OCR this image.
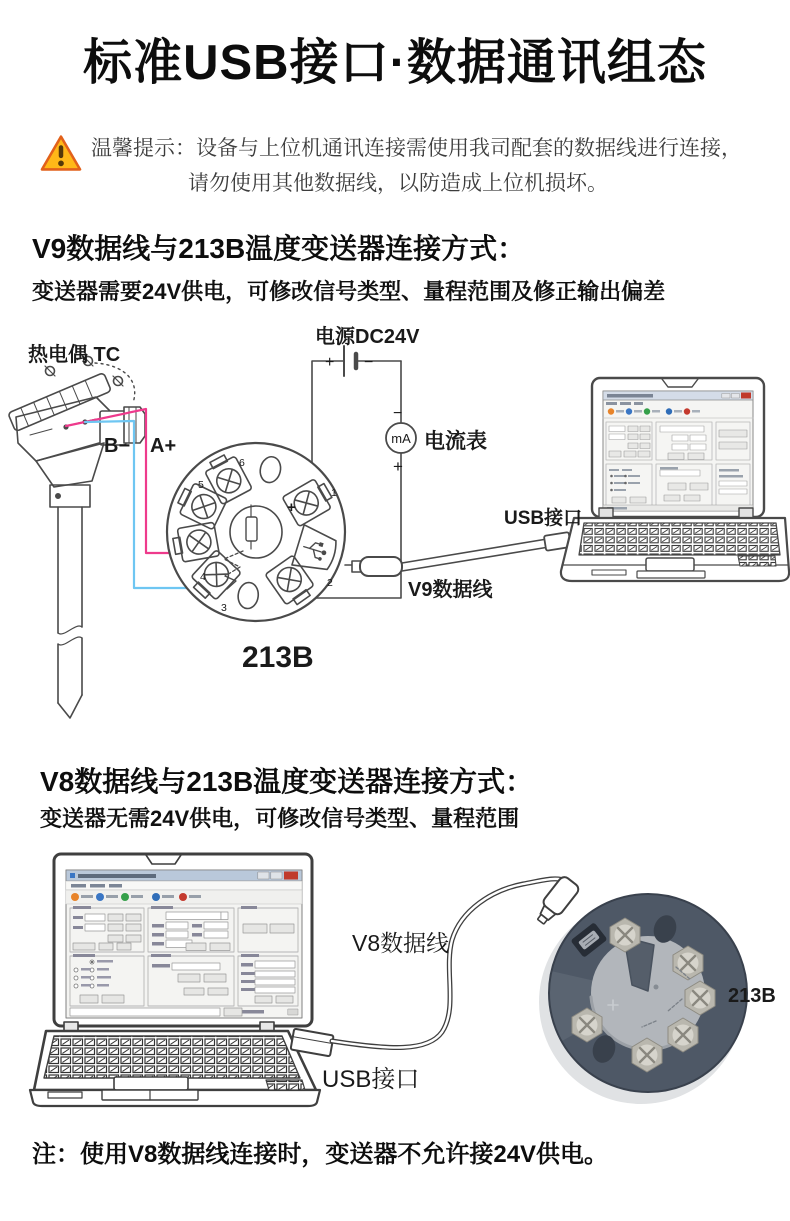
标准USB接口·数据通讯组态
温馨提示：设备与上位机通讯连接需使用我司配套的数据线进行连接，
请勿使用其他数据线，以防造成上位机损坏。
V9数据线与213B温度变送器连接方式：
变送器需要24V供电，可修改信号类型、量程范围及修正输出偏差
热电偶 TC
B− A+
电源DC24V
+ −
−
+
mA 电流表
USB接口
V9数据线
213B
+
1
2
3
4
5
6
V8数据线与213B温度变送器连接方式：
变送器无需24V供电，可修改信号类型、量程范围
V8数据线
USB接口
213B
注：使用V8数据线连接时，变送器不允许接24V供电。
